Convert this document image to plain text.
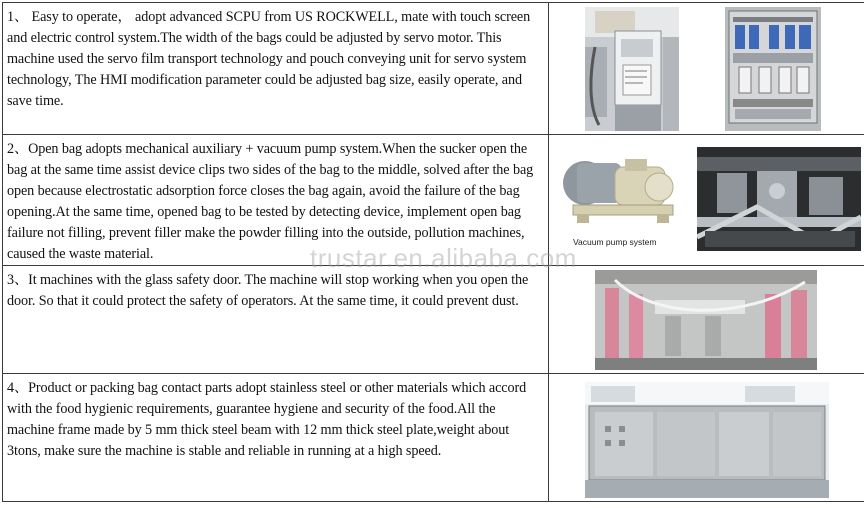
1、 Easy to operate， adopt advanced SCPU from US ROCKWELL, mate with touch screen and electric control system.The width of the bags could be adjusted by servo motor. This machine used the servo film transport technology and pouch conveying unit for servo system technology, The HMI modification parameter could be adjusted bag size, easily operate, and save time.	

2、Open bag adopts mechanical auxiliary + vacuum pump system.When the sucker open the bag at the same time assist device clips two sides of the bag to the middle, solved after the bag open because electrostatic adsorption force closes the bag again, avoid the failure of the bag opening.At the same time, opened bag to be tested by detecting device, implement open bag failure not filling, prevent filler make the powder filling into the outside, pollution machines, caused the waste material.	Vacuum pump system

3、It machines with the glass safety door. The machine will stop working when you open the door. So that it could protect the safety of operators. At the same time, it could prevent dust.	

4、Product or packing bag contact parts adopt stainless steel or other materials which accord with the food hygienic requirements, guarantee hygiene and security of the food.All the machine frame made by 5 mm thick steel beam with 12 mm thick steel plate,weight about 3tons, make sure the machine is stable and reliable in running at a high speed.	
trustar.en.alibaba.com
